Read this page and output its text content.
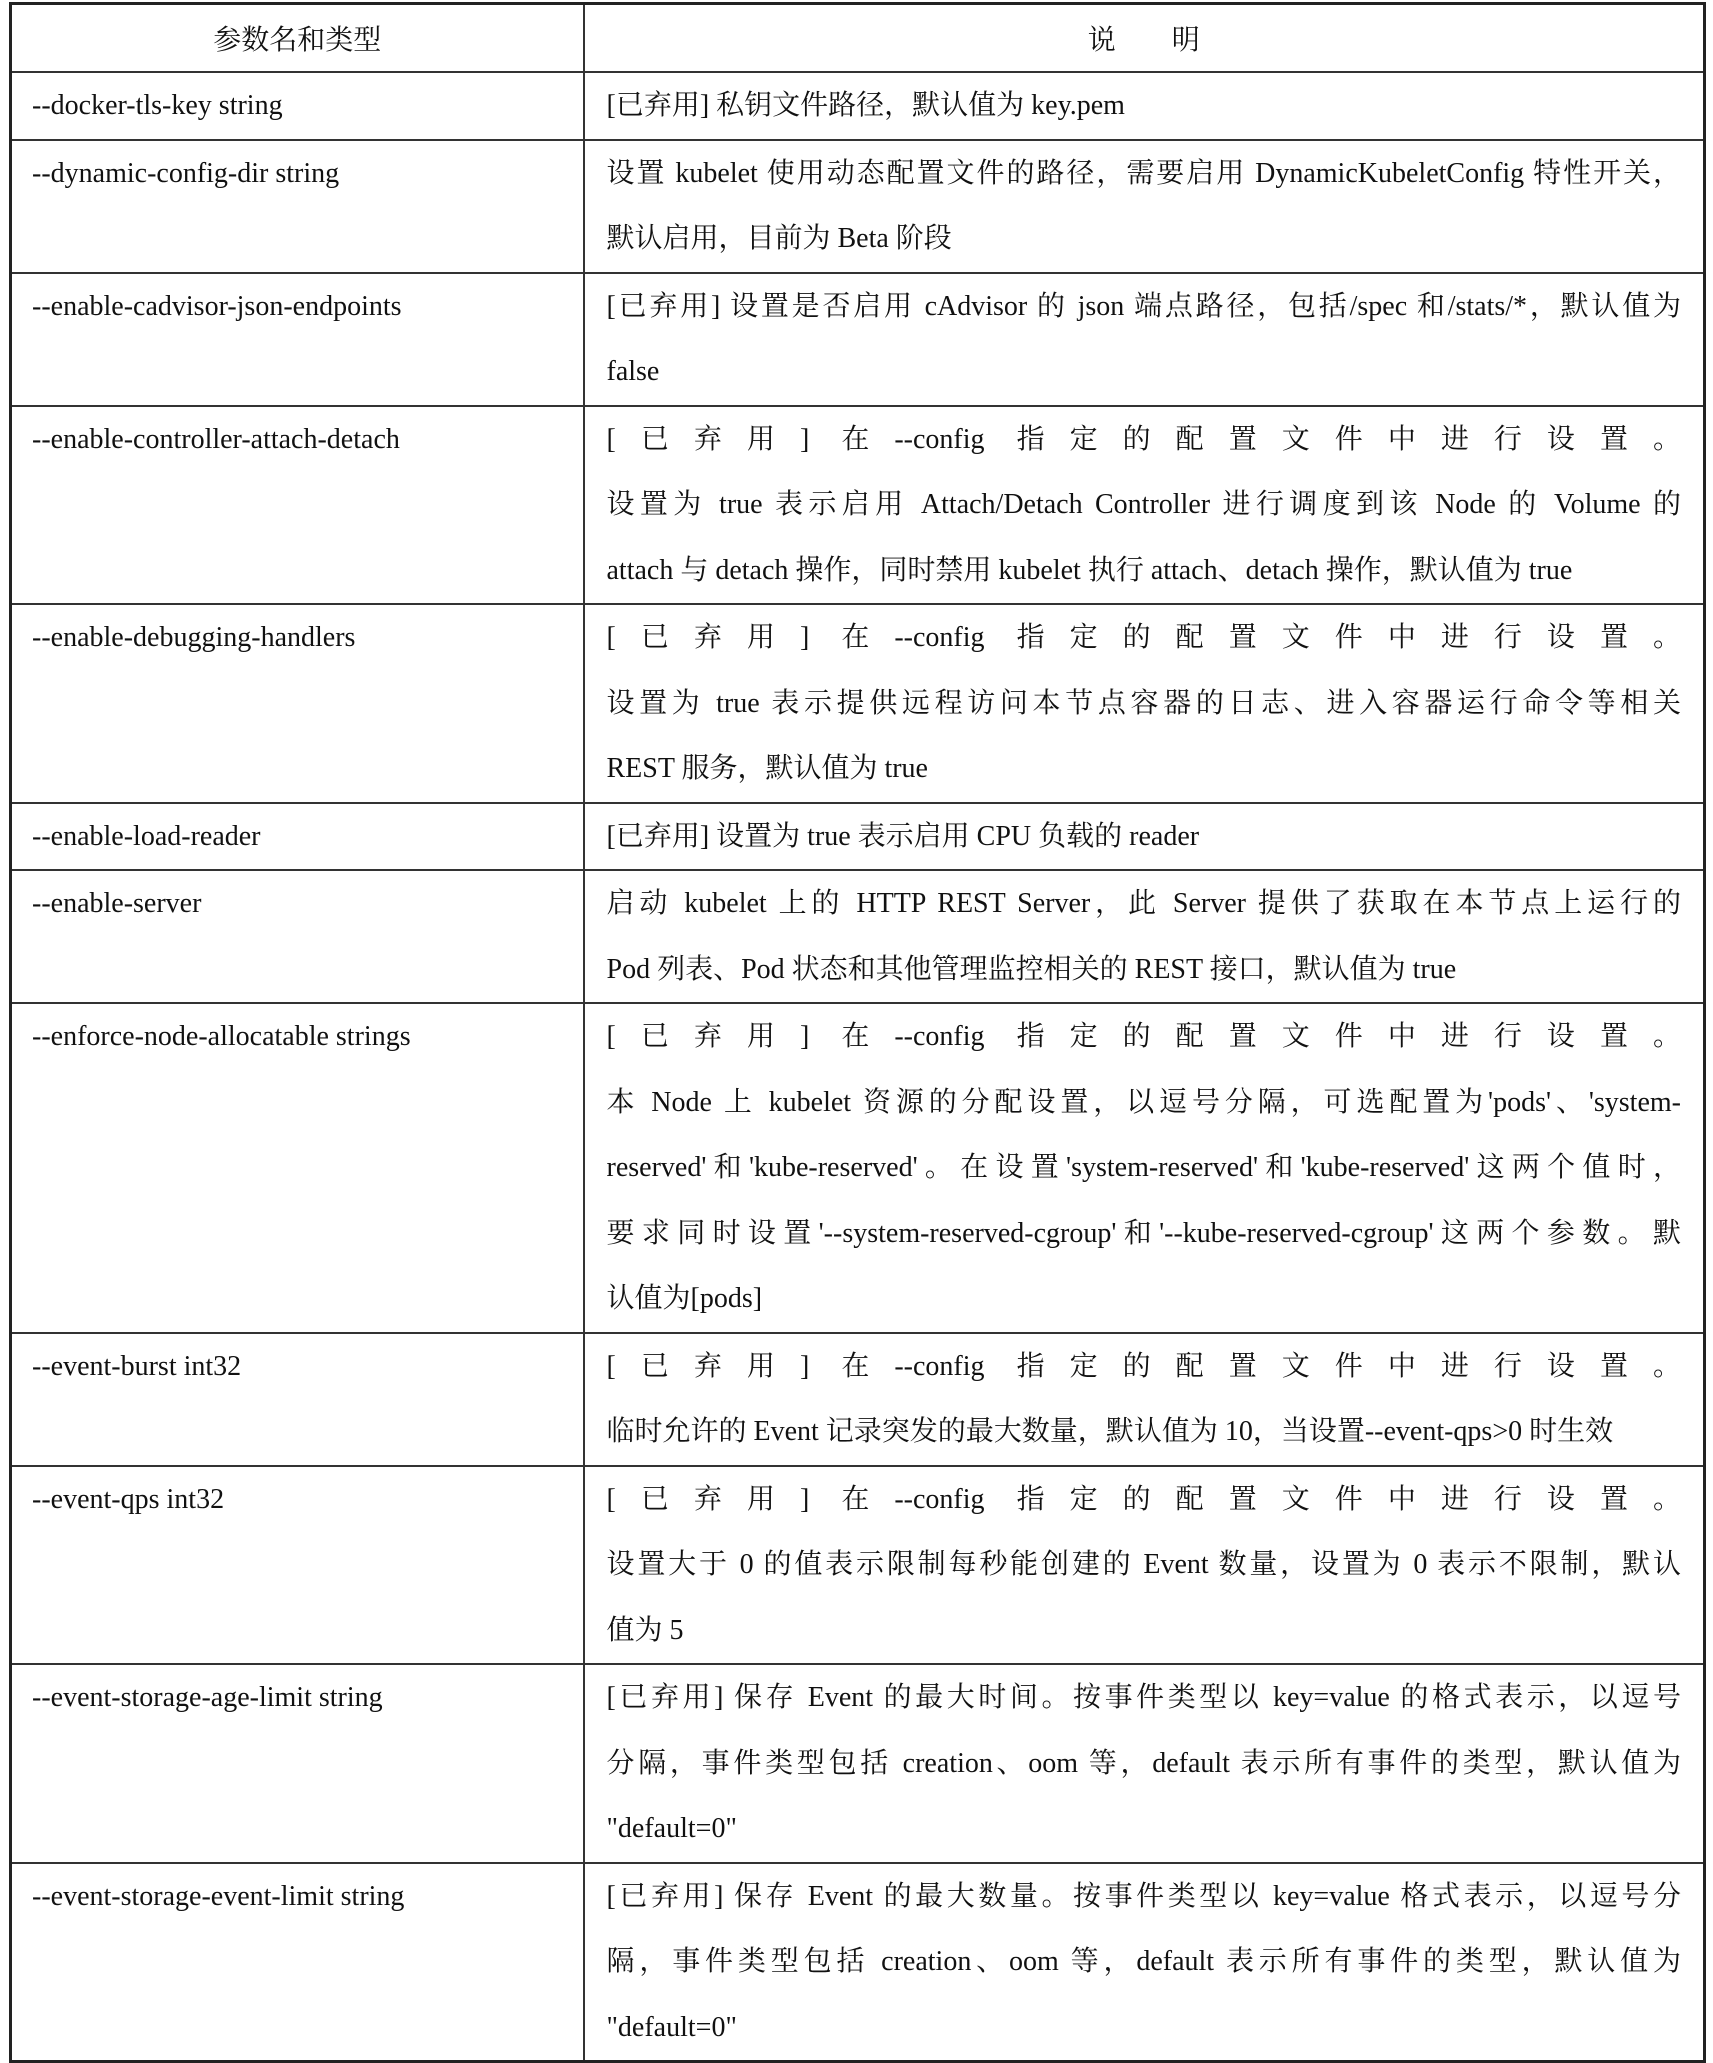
参数名和类型	说　　明
--docker-tls-key string	[已弃用] 私钥文件路径，默认值为 key.pem

--dynamic-config-dir string	设置 kubelet 使用动态配置文件的路径，需要启用 DynamicKubeletConfig 特性开关，
默认启用，目前为 Beta 阶段

--enable-cadvisor-json-endpoints	[已弃用] 设置是否启用 cAdvisor 的 json 端点路径，包括/spec 和/stats/*，默认值为
false

--enable-controller-attach-detach	[已弃用] 在--config 指定的配置文件中进行设置。
设置为 true 表示启用 Attach/Detach Controller 进行调度到该 Node 的 Volume 的
attach 与 detach 操作，同时禁用 kubelet 执行 attach、detach 操作，默认值为 true

--enable-debugging-handlers	[已弃用] 在--config 指定的配置文件中进行设置。
设置为 true 表示提供远程访问本节点容器的日志、进入容器运行命令等相关
REST 服务，默认值为 true

--enable-load-reader	[已弃用] 设置为 true 表示启用 CPU 负载的 reader

--enable-server	启动 kubelet 上的 HTTP REST Server，此 Server 提供了获取在本节点上运行的
Pod 列表、Pod 状态和其他管理监控相关的 REST 接口，默认值为 true

--enforce-node-allocatable strings	[已弃用] 在--config 指定的配置文件中进行设置。
本 Node 上 kubelet 资源的分配设置，以逗号分隔，可选配置为'pods'、'system-
reserved'和'kube-reserved'。在设置'system-reserved'和'kube-reserved'这两个值时，
要求同时设置'--system-reserved-cgroup'和'--kube-reserved-cgroup'这两个参数。默
认值为[pods]

--event-burst int32	[已弃用] 在--config 指定的配置文件中进行设置。
临时允许的 Event 记录突发的最大数量，默认值为 10，当设置--event-qps>0 时生效

--event-qps int32	[已弃用] 在--config 指定的配置文件中进行设置。
设置大于 0 的值表示限制每秒能创建的 Event 数量，设置为 0 表示不限制，默认
值为 5

--event-storage-age-limit string	[已弃用] 保存 Event 的最大时间。按事件类型以 key=value 的格式表示，以逗号
分隔，事件类型包括 creation、oom 等，default 表示所有事件的类型，默认值为
"default=0"

--event-storage-event-limit string	[已弃用] 保存 Event 的最大数量。按事件类型以 key=value 格式表示，以逗号分
隔，事件类型包括 creation、oom 等，default 表示所有事件的类型，默认值为
"default=0"
